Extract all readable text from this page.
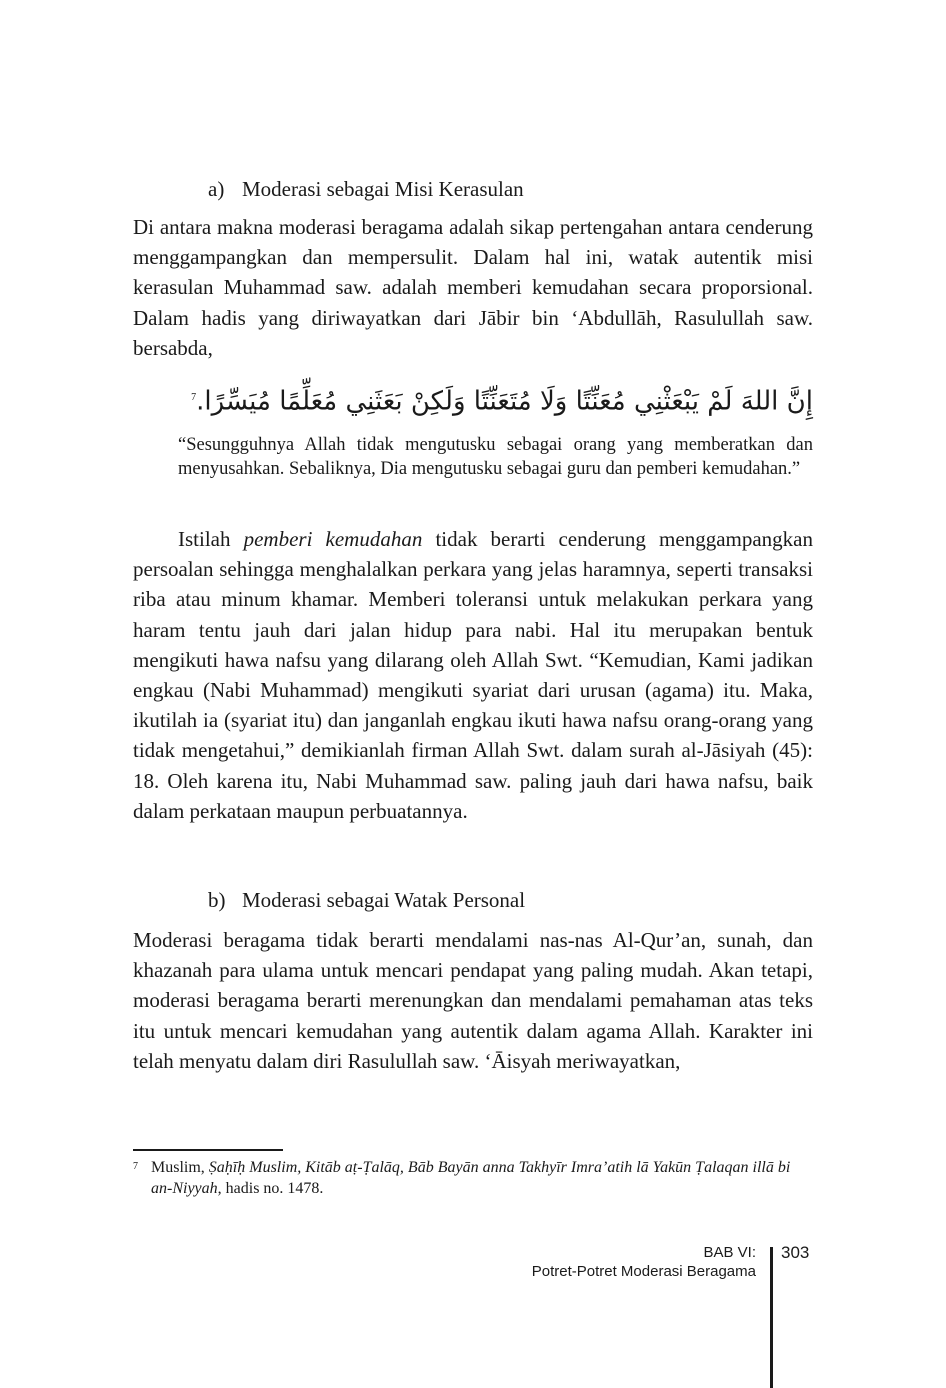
a) Moderasi sebagai Misi Kerasulan

Di antara makna moderasi beragama adalah sikap pertengahan antara cenderung menggampangkan dan mempersulit. Dalam hal ini, watak autentik misi kerasulan Muhammad saw. adalah memberi kemudahan secara proporsional. Dalam hadis yang diriwayatkan dari Jābir bin ‘Abdullāh, Rasulullah saw. bersabda,

إِنَّ اللهَ لَمْ يَبْعَثْنِي مُعَنِّتًا وَلَا مُتَعَنِّتًا وَلَكِنْ بَعَثَنِي مُعَلِّمًا مُيَسِّرًا.$^7$

“Sesungguhnya Allah tidak mengutusku sebagai orang yang memberatkan dan menyusahkan. Sebaliknya, Dia mengutusku sebagai guru dan pemberi kemudahan.”

Istilah pemberi kemudahan tidak berarti cenderung menggampangkan persoalan sehingga menghalalkan perkara yang jelas haramnya, seperti transaksi riba atau minum khamar. Memberi toleransi untuk melakukan perkara yang haram tentu jauh dari jalan hidup para nabi. Hal itu merupakan bentuk mengikuti hawa nafsu yang dilarang oleh Allah Swt. “Kemudian, Kami jadikan engkau (Nabi Muhammad) mengikuti syariat dari urusan (agama) itu. Maka, ikutilah ia (syariat itu) dan janganlah engkau ikuti hawa nafsu orang-orang yang tidak mengetahui,” demikianlah firman Allah Swt. dalam surah al-Jāsiyah (45): 18. Oleh karena itu, Nabi Muhammad saw. paling jauh dari hawa nafsu, baik dalam perkataan maupun perbuatannya.

b) Moderasi sebagai Watak Personal

Moderasi beragama tidak berarti mendalami nas-nas Al-Qur’an, sunah, dan khazanah para ulama untuk mencari pendapat yang paling mudah. Akan tetapi, moderasi beragama berarti merenungkan dan mendalami pemahaman atas teks itu untuk mencari kemudahan yang autentik dalam agama Allah. Karakter ini telah menyatu dalam diri Rasulullah saw. ‘Āisyah meriwayatkan,

7 Muslim, Ṣaḥīḥ Muslim, Kitāb aṭ-Ṭalāq, Bāb Bayān anna Takhyīr Imra’atih lā Yakūn Ṭalaqan illā bi an-Niyyah, hadis no. 1478.
BAB VI:
Potret-Potret Moderasi Beragama
303
